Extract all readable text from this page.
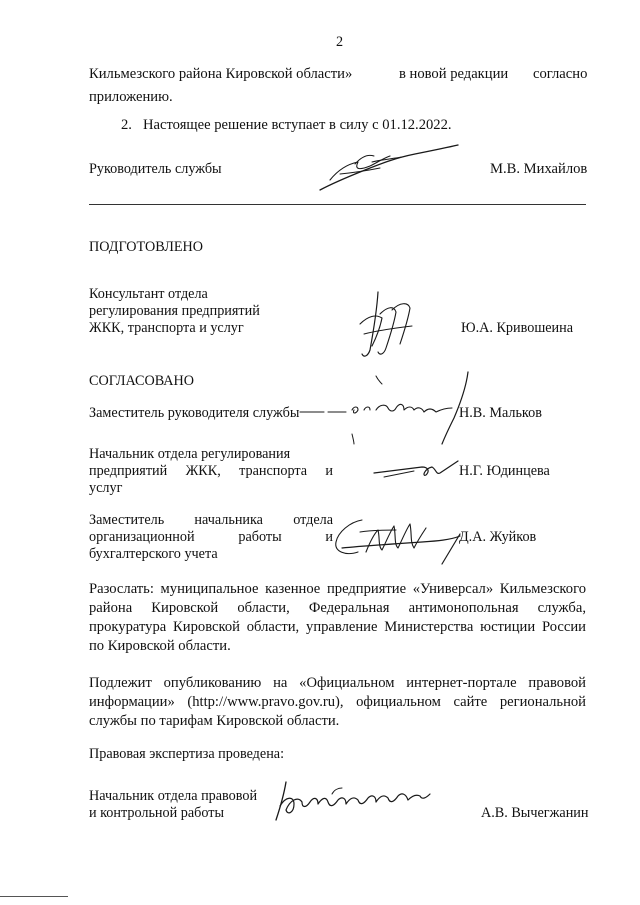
2
Кильмезского района Кировской области»	в новой редакции согласно
приложению.
2. Настоящее решение вступает в силу с 01.12.2022.
Руководитель службы	М.В. Михайлов
ПОДГОТОВЛЕНО
Консультант отдела
регулирования предприятий
ЖКК, транспорта и услуг	Ю.А. Кривошеина
СОГЛАСОВАНО
Заместитель руководителя службы	Н.В. Мальков
Начальник отдела регулирования
предприятий ЖКК, транспорта и
услуг
Н.Г. Юдинцева
Заместитель начальника отдела
организационной	работы	и
бухгалтерского учета
Д.А. Жуйков
Разослать: муниципальное казенное предприятие «Универсал» Кильмезского
района Кировской области, Федеральная антимонопольная служба,
прокуратура Кировской области, управление Министерства юстиции России
по Кировской области.
Подлежит опубликованию на «Официальном интернет-портале правовой
информации» (http://www.pravo.gov.ru), официальном сайте региональной
службы по тарифам Кировской области.
Правовая экспертиза проведена:
Начальник отдела правовой
и контрольной работы	А.В. Вычегжанин
